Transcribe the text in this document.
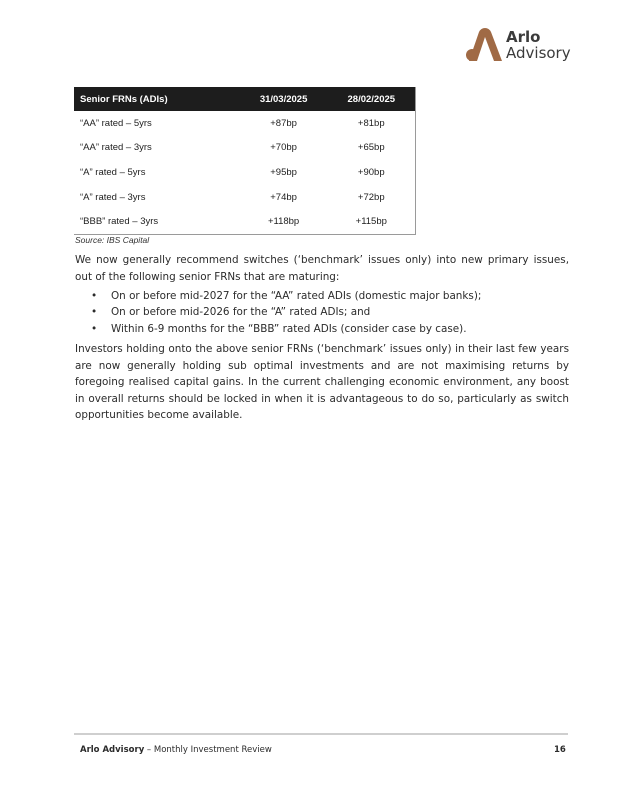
Arlo
Advisory
Senior FRNs (ADIs)	31/03/2025	28/02/2025
“AA” rated – 5yrs	+87bp	+81bp
“AA” rated – 3yrs	+70bp	+65bp
“A” rated – 5yrs	+95bp	+90bp
“A” rated – 3yrs	+74bp	+72bp
“BBB” rated – 3yrs	+118bp	+115bp
Source: IBS Capital

We now generally recommend switches (‘benchmark’ issues only) into new primary issues, out of the following senior FRNs that are maturing:

• On or before mid-2027 for the “AA” rated ADIs (domestic major banks);
• On or before mid-2026 for the “A” rated ADIs; and
• Within 6-9 months for the “BBB” rated ADIs (consider case by case).

Investors holding onto the above senior FRNs (‘benchmark’ issues only) in their last few years are now generally holding sub optimal investments and are not maximising returns by foregoing realised capital gains. In the current challenging economic environment, any boost in overall returns should be locked in when it is advantageous to do so, particularly as switch opportunities become available.

Arlo Advisory – Monthly Investment Review	16
